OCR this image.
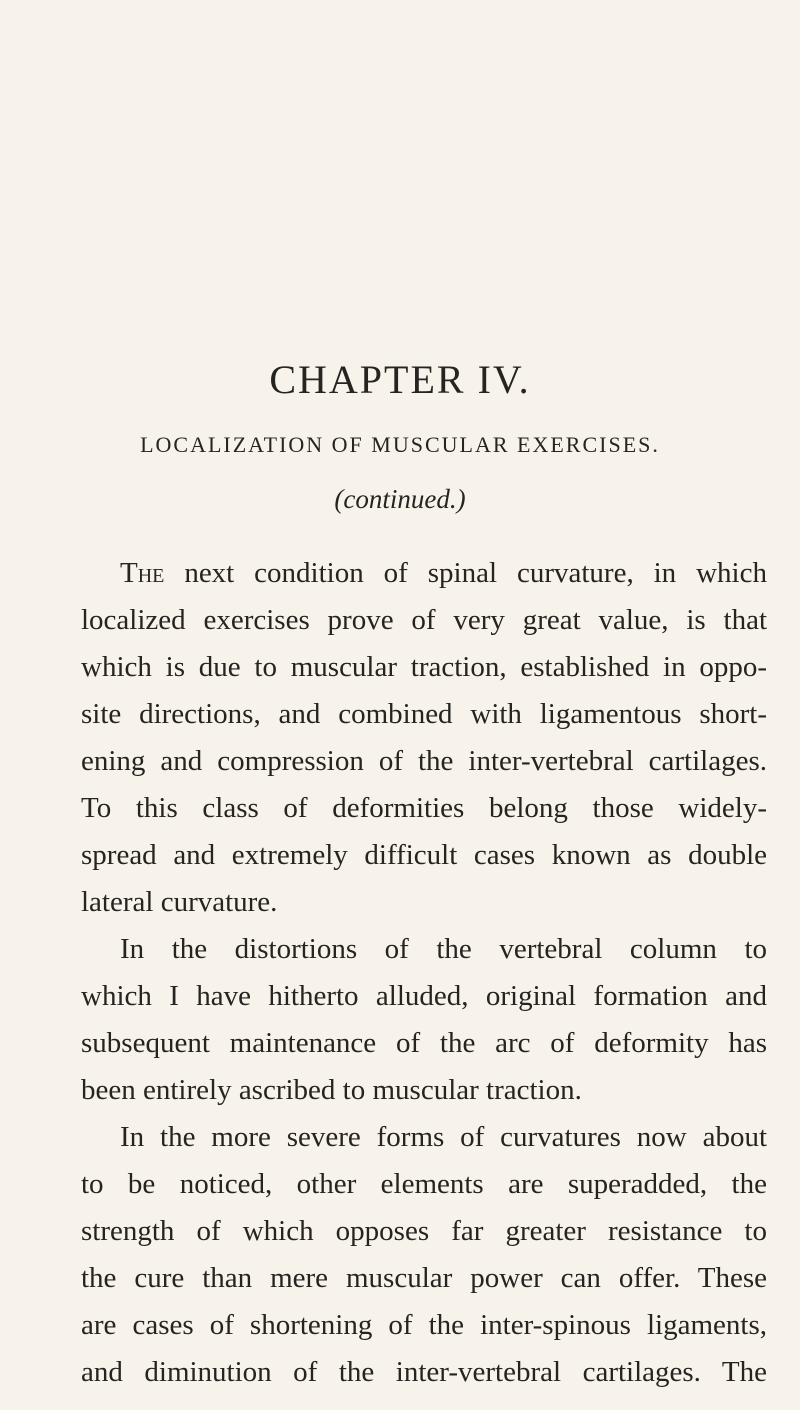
CHAPTER IV.
LOCALIZATION OF MUSCULAR EXERCISES.
(continued.)
The next condition of spinal curvature, in which
localized exercises prove of very great value, is that
which is due to muscular traction, established in oppo-
site directions, and combined with ligamentous short-
ening and compression of the inter-vertebral cartilages.
To this class of deformities belong those widely-
spread and extremely difficult cases known as double
lateral curvature.
In the distortions of the vertebral column to
which I have hitherto alluded, original formation and
subsequent maintenance of the arc of deformity has
been entirely ascribed to muscular traction.
In the more severe forms of curvatures now about
to be noticed, other elements are superadded, the
strength of which opposes far greater resistance to
the cure than mere muscular power can offer. These
are cases of shortening of the inter-spinous ligaments,
and diminution of the inter-vertebral cartilages. The
